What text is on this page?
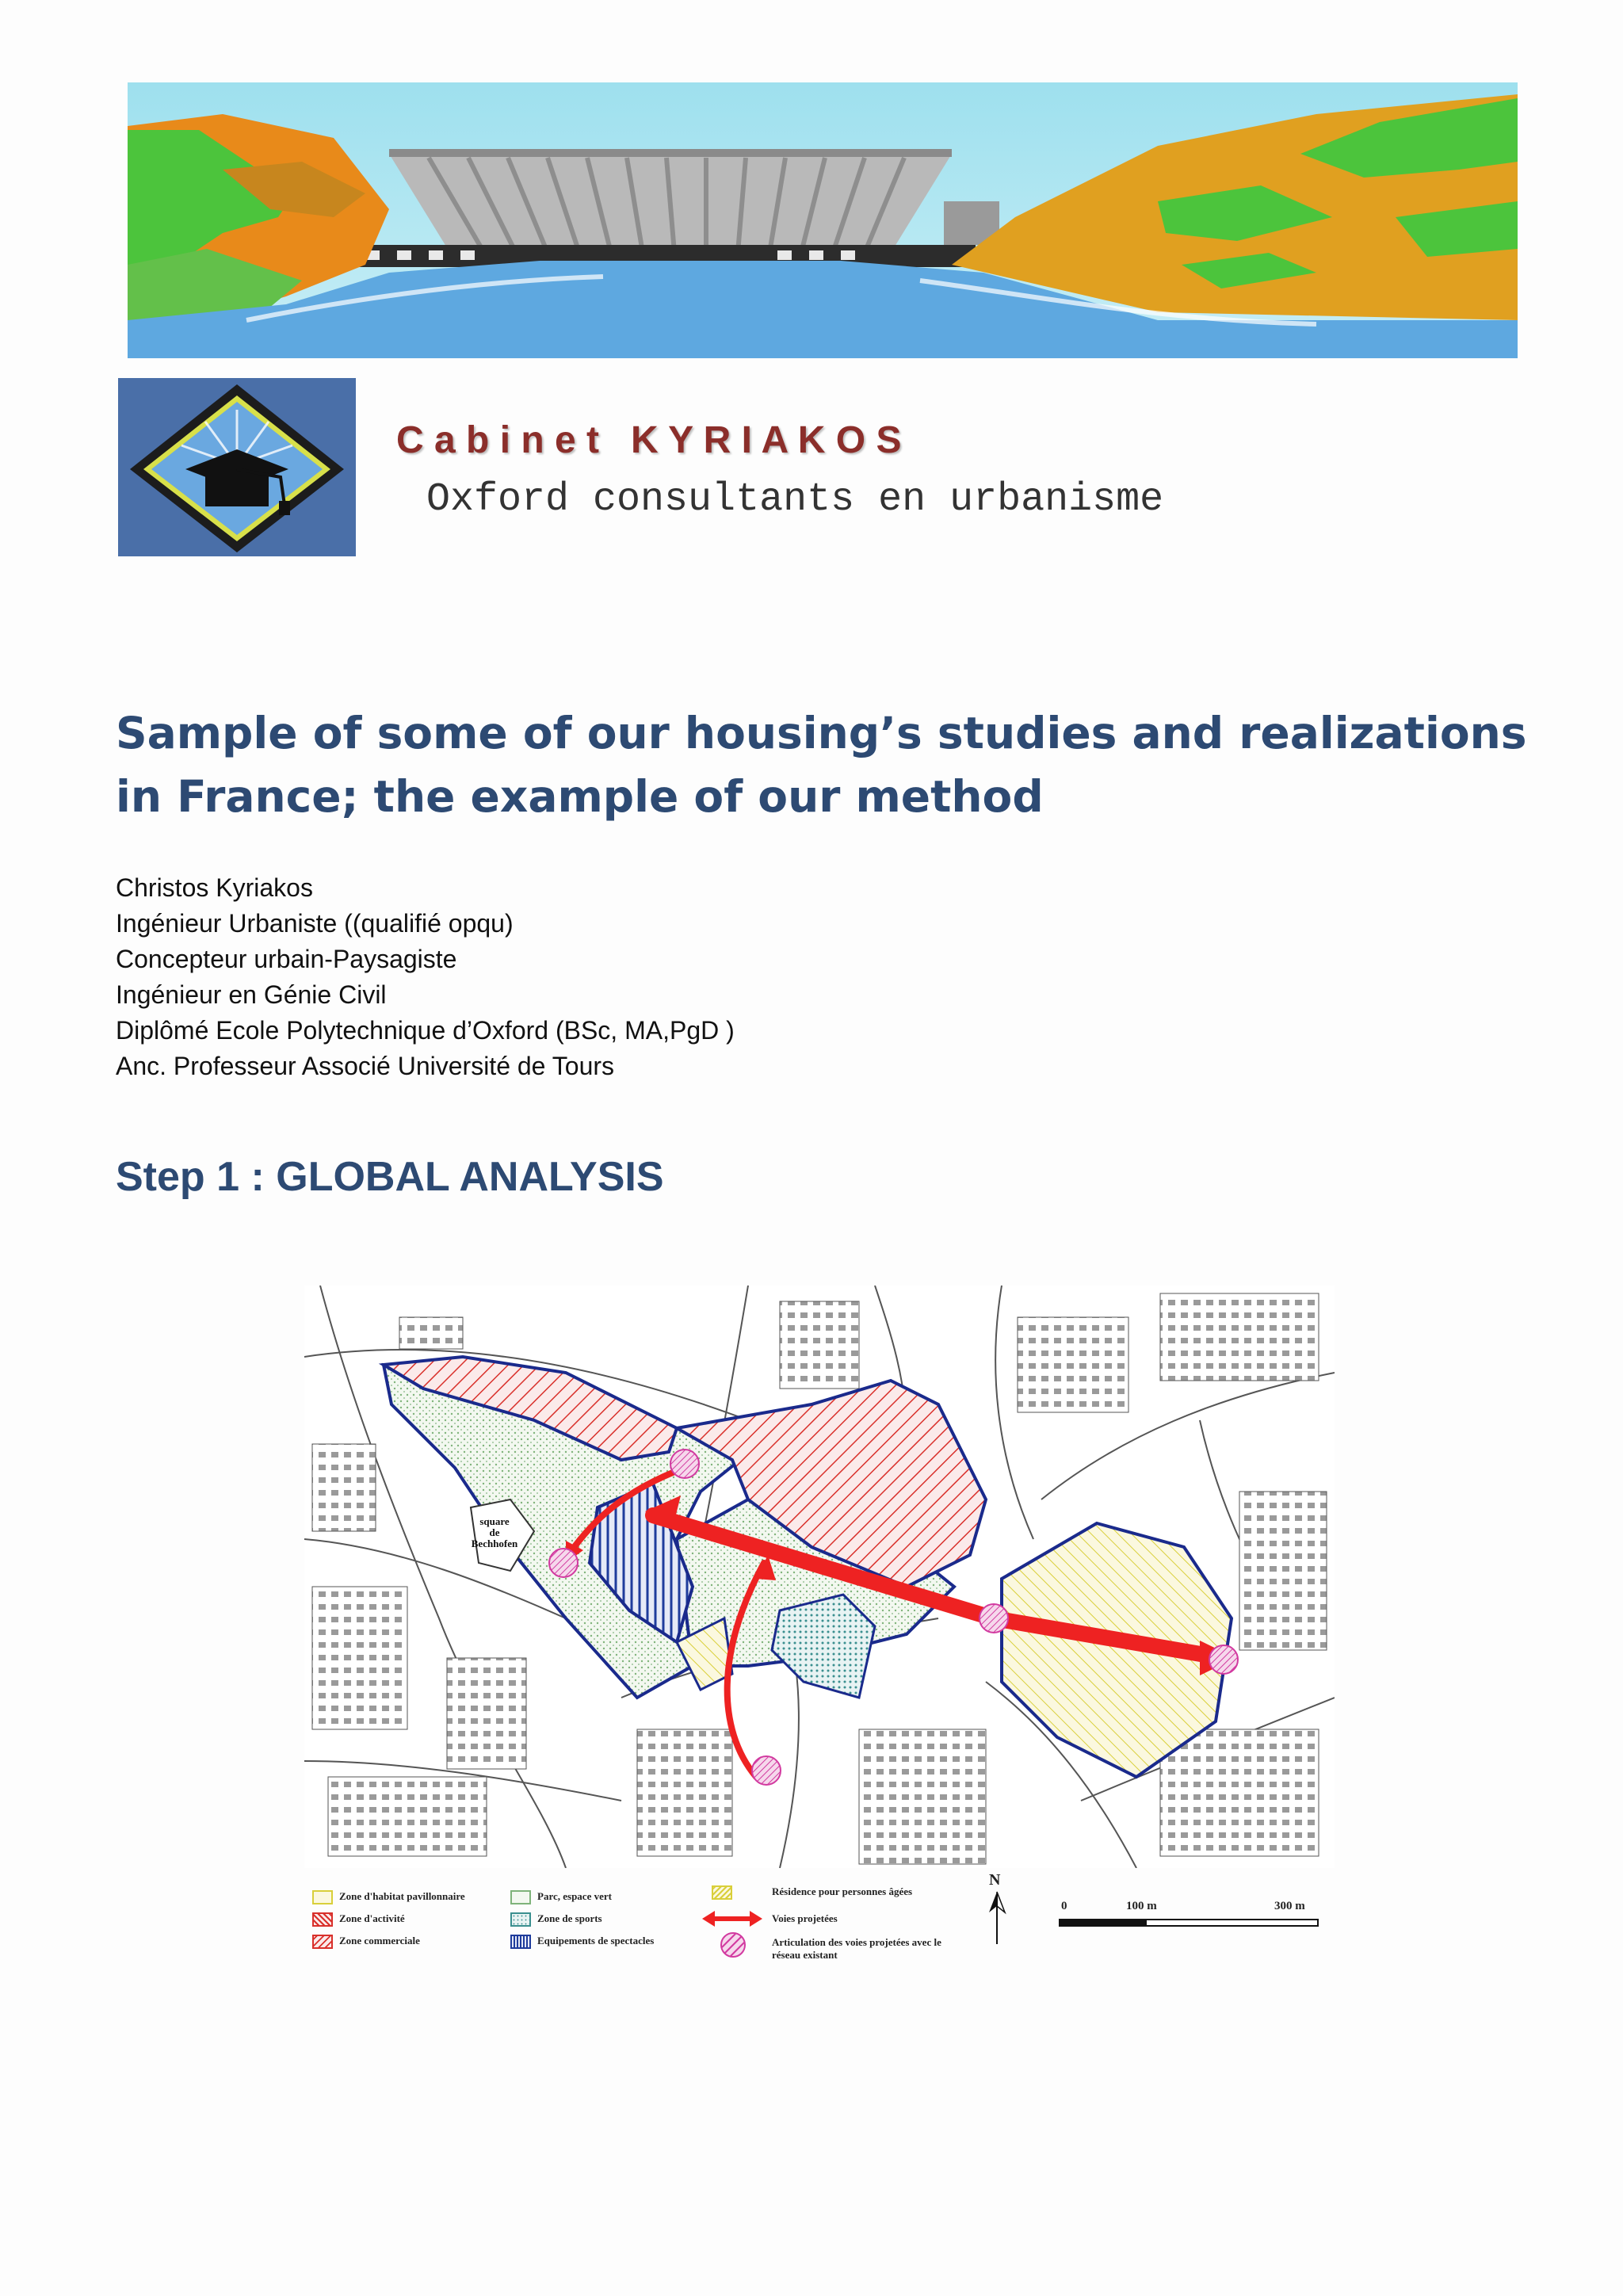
C a b i n e t   K Y R I A K O S
Oxford consultants en urbanisme
Sample of some of our housing’s studies and realizations
in France; the example of our method
Christos Kyriakos
Ingénieur Urbaniste ((qualifié opqu)
Concepteur urbain-Paysagiste
Ingénieur en Génie Civil
Diplômé Ecole Polytechnique d’Oxford (BSc, MA,PgD )
Anc. Professeur Associé Université de Tours
Step 1 : GLOBAL ANALYSIS
square
de
Bechhofen
Zone d'habitat pavillonnaire
Zone d'activité
Zone commerciale
Parc, espace vert
Zone de sports
Equipements de spectacles
Résidence pour personnes âgées
Voies projetées
Articulation des voies projetées avec le
réseau existant
N
0	100 m	300 m
